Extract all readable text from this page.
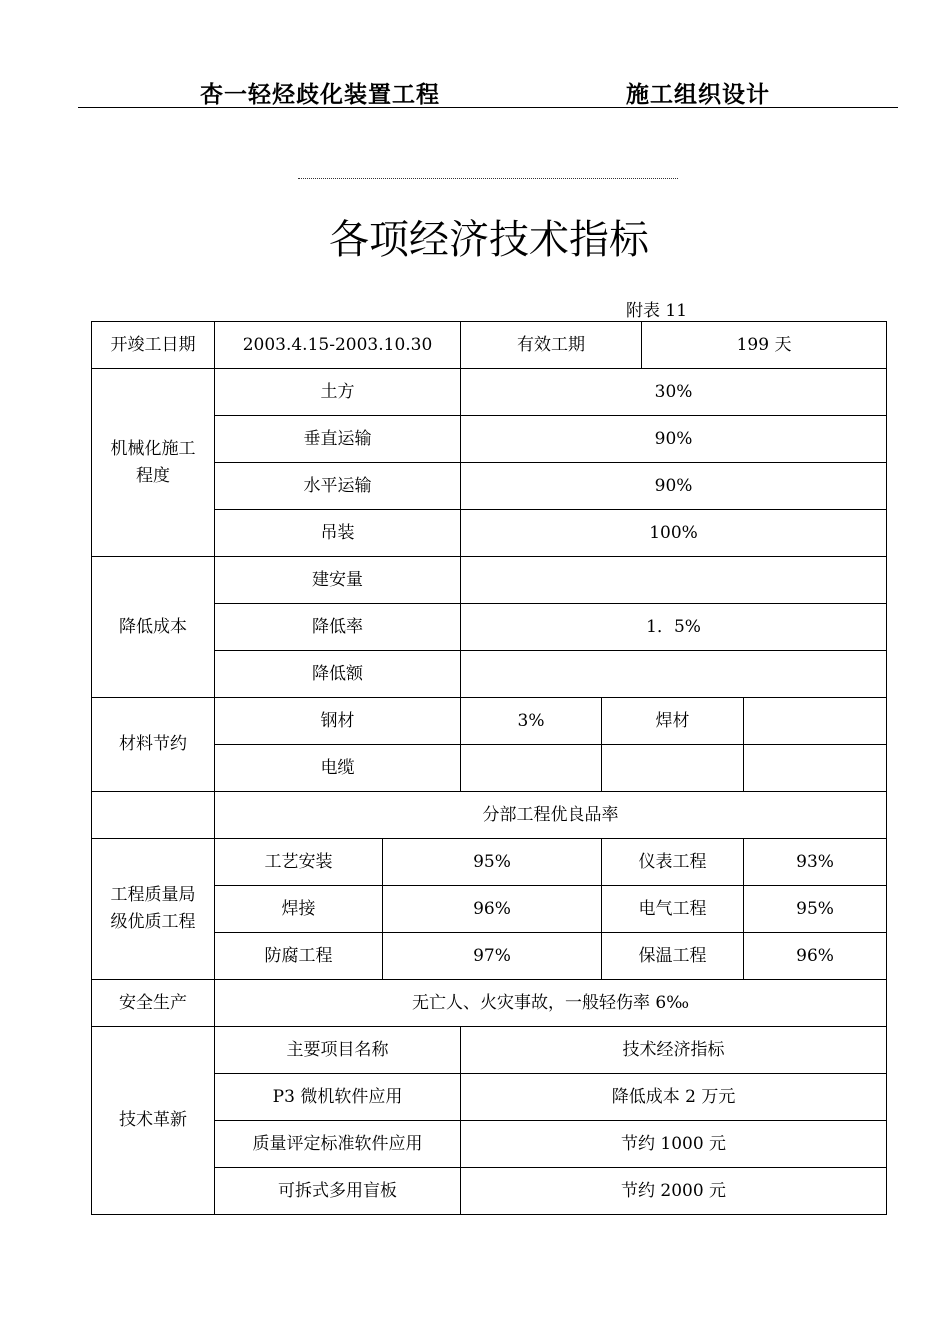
杏一轻烃歧化装置工程	施工组织设计
各项经济技术指标
附表 11
开竣工日期	2003.4.15-2003.10.30		有效工期		199 天	
机械化施工
程度	土方		30%			
	垂直运输		90%			
	水平运输		90%			
	吊装		100%			
降低成本	建安量					
	降低率		1．5%			
	降低额					
材料节约	钢材		3%	焊材		
	电缆					
	分部工程优良品率					
工程质量局
级优质工程	工艺安装	95%		仪表工程		93%
	焊接	96%		电气工程		95%
	防腐工程	97%		保温工程		96%
安全生产	无亡人、火灾事故，一般轻伤率 6‰					
技术革新	主要项目名称		技术经济指标			
	P3 微机软件应用		降低成本 2 万元			
	质量评定标准软件应用		节约 1000 元			
	可拆式多用盲板		节约 2000 元			
